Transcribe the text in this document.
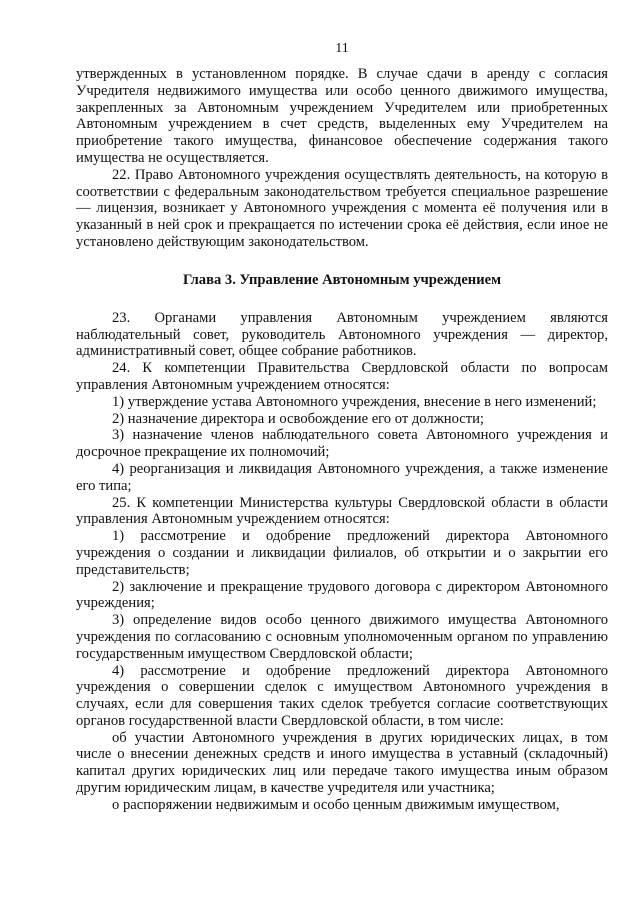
11

утвержденных в установленном порядке. В случае сдачи в аренду с согласия Учредителя недвижимого имущества или особо ценного движимого имущества, закрепленных за Автономным учреждением Учредителем или приобретенных Автономным учреждением в счет средств, выделенных ему Учредителем на приобретение такого имущества, финансовое обеспечение содержания такого имущества не осуществляется.

22. Право Автономного учреждения осуществлять деятельность, на которую в соответствии с федеральным законодательством требуется специальное разрешение — лицензия, возникает у Автономного учреждения с момента её получения или в указанный в ней срок и прекращается по истечении срока её действия, если иное не установлено действующим законодательством.

Глава 3. Управление Автономным учреждением

23. Органами управления Автономным учреждением являются наблюдательный совет, руководитель Автономного учреждения — директор, административный совет, общее собрание работников.

24. К компетенции Правительства Свердловской области по вопросам управления Автономным учреждением относятся:

1) утверждение устава Автономного учреждения, внесение в него изменений;

2) назначение директора и освобождение его от должности;

3) назначение членов наблюдательного совета Автономного учреждения и досрочное прекращение их полномочий;

4) реорганизация и ликвидация Автономного учреждения, а также изменение его типа;

25. К компетенции Министерства культуры Свердловской области в области управления Автономным учреждением относятся:

1) рассмотрение и одобрение предложений директора Автономного учреждения о создании и ликвидации филиалов, об открытии и о закрытии его представительств;

2) заключение и прекращение трудового договора с директором Автономного учреждения;

3) определение видов особо ценного движимого имущества Автономного учреждения по согласованию с основным уполномоченным органом по управлению государственным имуществом Свердловской области;

4) рассмотрение и одобрение предложений директора Автономного учреждения о совершении сделок с имуществом Автономного учреждения в случаях, если для совершения таких сделок требуется согласие соответствующих органов государственной власти Свердловской области, в том числе:

об участии Автономного учреждения в других юридических лицах, в том числе о внесении денежных средств и иного имущества в уставный (складочный) капитал других юридических лиц или передаче такого имущества иным образом другим юридическим лицам, в качестве учредителя или участника;

о распоряжении недвижимым и особо ценным движимым имуществом,
